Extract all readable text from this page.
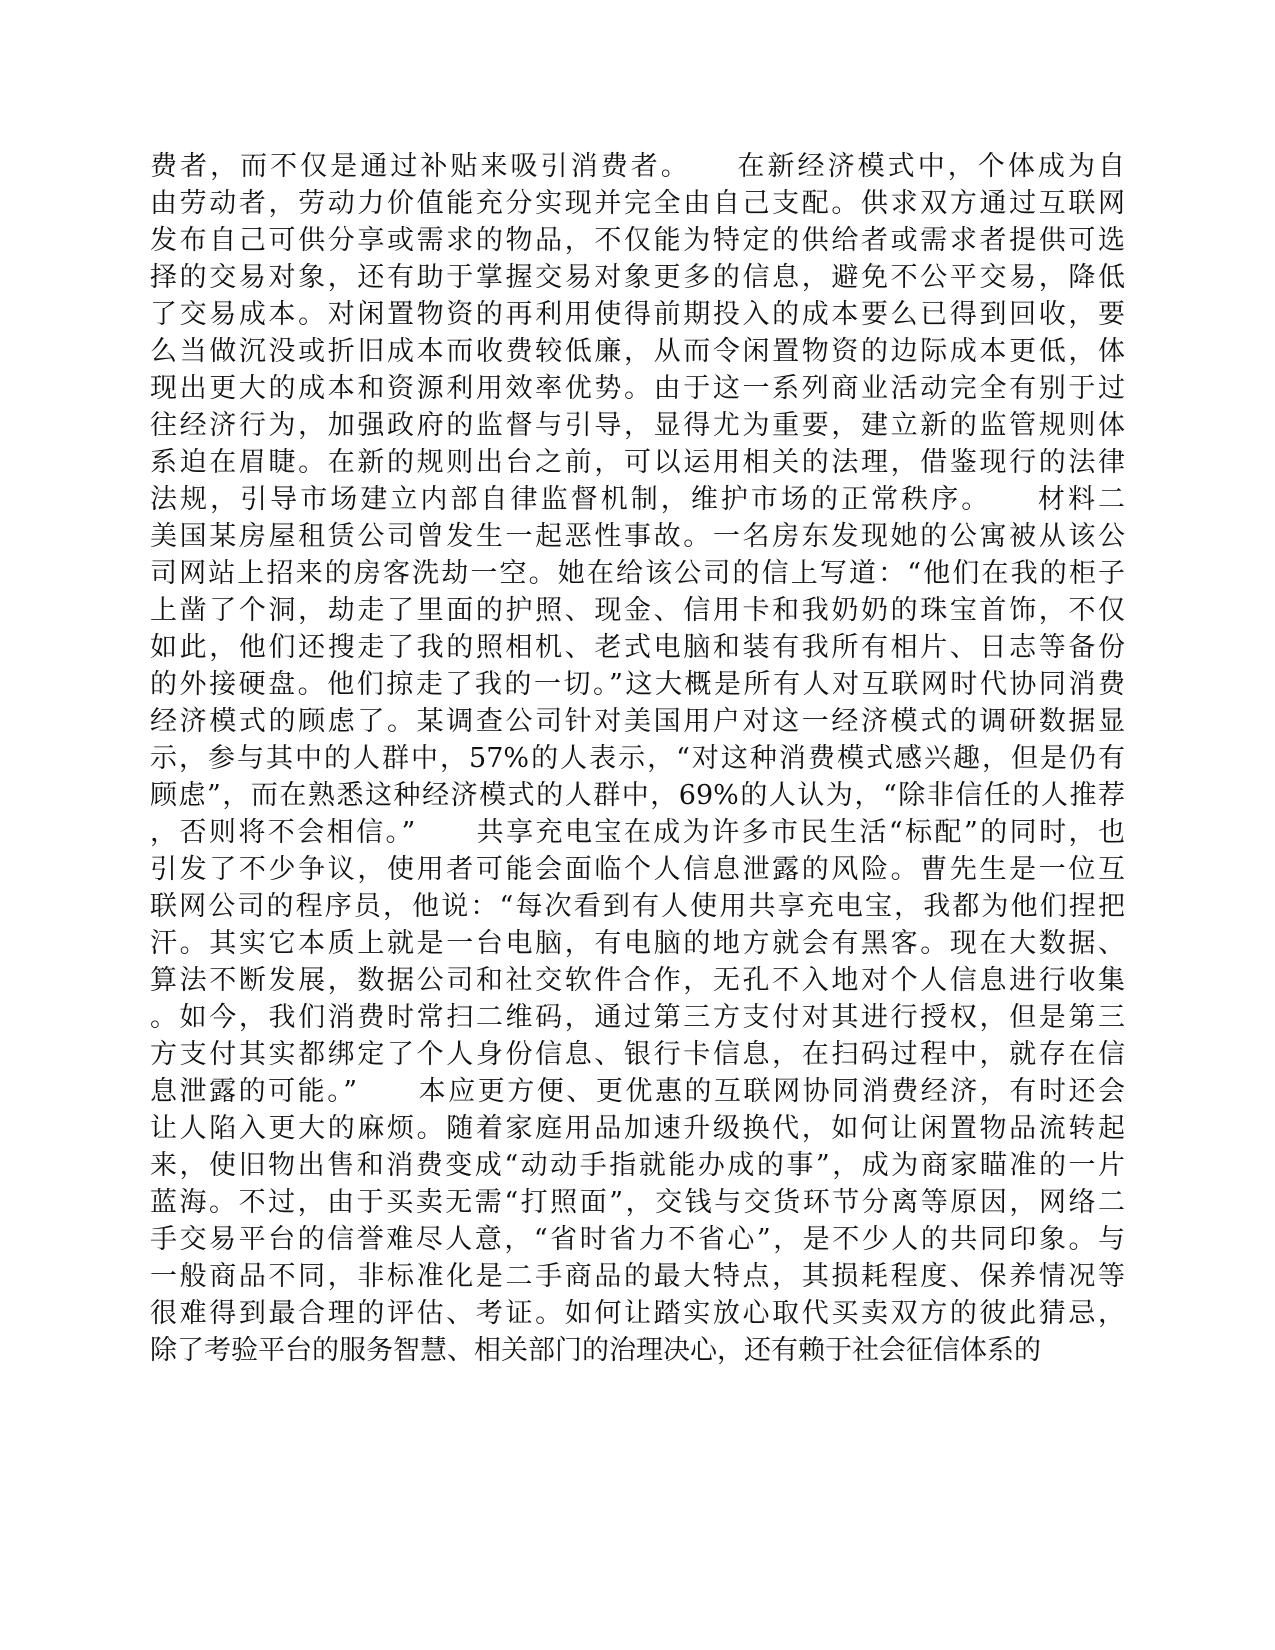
费者，而不仅是通过补贴来吸引消费者。　　在新经济模式中，个体成为自
由劳动者，劳动力价值能充分实现并完全由自己支配。供求双方通过互联网
发布自己可供分享或需求的物品，不仅能为特定的供给者或需求者提供可选
择的交易对象，还有助于掌握交易对象更多的信息，避免不公平交易，降低
了交易成本。对闲置物资的再利用使得前期投入的成本要么已得到回收，要
么当做沉没或折旧成本而收费较低廉，从而令闲置物资的边际成本更低，体
现出更大的成本和资源利用效率优势。由于这一系列商业活动完全有别于过
往经济行为，加强政府的监督与引导，显得尤为重要，建立新的监管规则体
系迫在眉睫。在新的规则出台之前，可以运用相关的法理，借鉴现行的法律
法规，引导市场建立内部自律监督机制，维护市场的正常秩序。　　材料二
美国某房屋租赁公司曾发生一起恶性事故。一名房东发现她的公寓被从该公
司网站上招来的房客洗劫一空。她在给该公司的信上写道：“他们在我的柜子
上凿了个洞，劫走了里面的护照、现金、信用卡和我奶奶的珠宝首饰，不仅
如此，他们还搜走了我的照相机、老式电脑和装有我所有相片、日志等备份
的外接硬盘。他们掠走了我的一切。”这大概是所有人对互联网时代协同消费
经济模式的顾虑了。某调查公司针对美国用户对这一经济模式的调研数据显
示，参与其中的人群中，57%的人表示，“对这种消费模式感兴趣，但是仍有
顾虑”，而在熟悉这种经济模式的人群中，69%的人认为，“除非信任的人推荐
，否则将不会相信。”　　共享充电宝在成为许多市民生活“标配”的同时，也
引发了不少争议，使用者可能会面临个人信息泄露的风险。曹先生是一位互
联网公司的程序员，他说：“每次看到有人使用共享充电宝，我都为他们捏把
汗。其实它本质上就是一台电脑，有电脑的地方就会有黑客。现在大数据、
算法不断发展，数据公司和社交软件合作，无孔不入地对个人信息进行收集
。如今，我们消费时常扫二维码，通过第三方支付对其进行授权，但是第三
方支付其实都绑定了个人身份信息、银行卡信息，在扫码过程中，就存在信
息泄露的可能。”　　本应更方便、更优惠的互联网协同消费经济，有时还会
让人陷入更大的麻烦。随着家庭用品加速升级换代，如何让闲置物品流转起
来，使旧物出售和消费变成“动动手指就能办成的事”，成为商家瞄准的一片
蓝海。不过，由于买卖无需“打照面”，交钱与交货环节分离等原因，网络二
手交易平台的信誉难尽人意，“省时省力不省心”，是不少人的共同印象。与
一般商品不同，非标准化是二手商品的最大特点，其损耗程度、保养情况等
很难得到最合理的评估、考证。如何让踏实放心取代买卖双方的彼此猜忌，
除了考验平台的服务智慧、相关部门的治理决心，还有赖于社会征信体系的
